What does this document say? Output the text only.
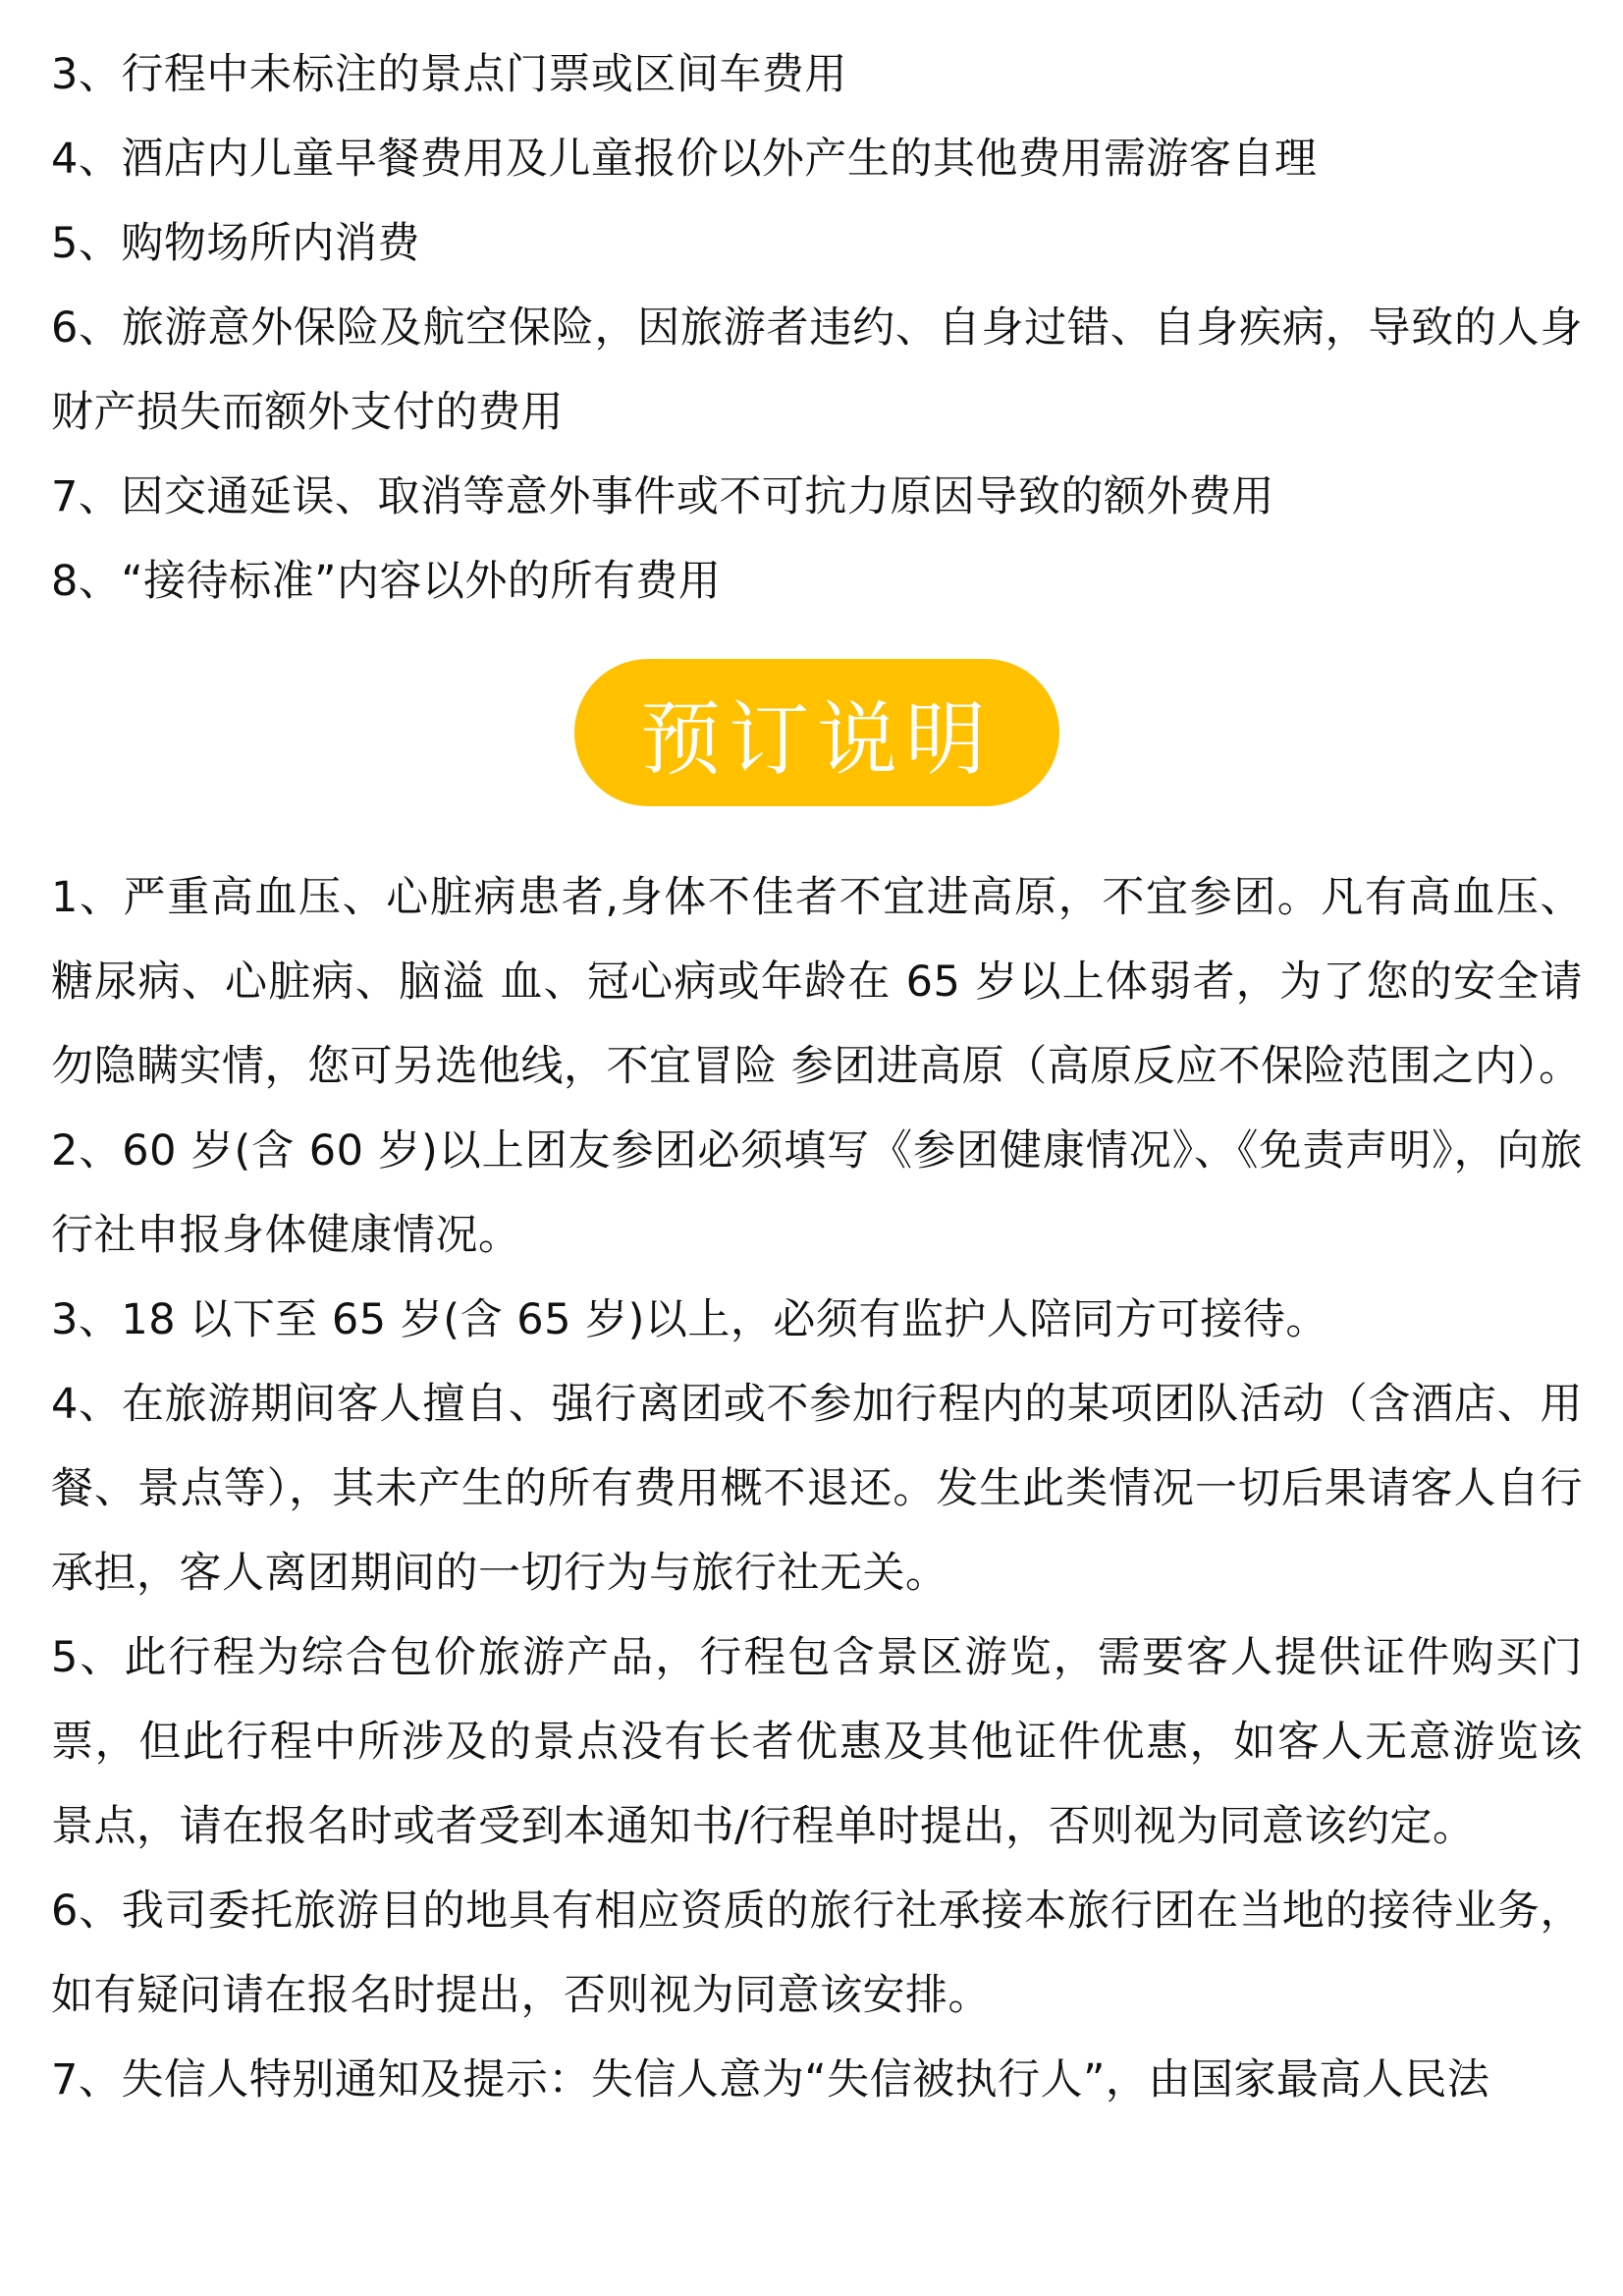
3、行程中未标注的景点门票或区间车费用
4、酒店内儿童早餐费用及儿童报价以外产生的其他费用需游客自理
5、购物场所内消费
6、旅游意外保险及航空保险，因旅游者违约、自身过错、自身疾病，导致的人身财产损失而额外支付的费用
7、因交通延误、取消等意外事件或不可抗力原因导致的额外费用
8、“接待标准”内容以外的所有费用
预订说明
1、严重高血压、心脏病患者,身体不佳者不宜进高原，不宜参团。凡有高血压、糖尿病、心脏病、脑溢 血、冠心病或年龄在 65 岁以上体弱者，为了您的安全请勿隐瞒实情，您可另选他线，不宜冒险 参团进高原（高原反应不保险范围之内）。
2、60 岁(含 60 岁)以上团友参团必须填写《参团健康情况》、《免责声明》，向旅行社申报身体健康情况。
3、18 以下至 65 岁(含 65 岁)以上，必须有监护人陪同方可接待。
4、在旅游期间客人擅自、强行离团或不参加行程内的某项团队活动（含酒店、用餐、景点等），其未产生的所有费用概不退还。发生此类情况一切后果请客人自行承担，客人离团期间的一切行为与旅行社无关。
5、此行程为综合包价旅游产品，行程包含景区游览，需要客人提供证件购买门票，但此行程中所涉及的景点没有长者优惠及其他证件优惠，如客人无意游览该景点，请在报名时或者受到本通知书/行程单时提出，否则视为同意该约定。
6、我司委托旅游目的地具有相应资质的旅行社承接本旅行团在当地的接待业务，如有疑问请在报名时提出，否则视为同意该安排。
7、失信人特别通知及提示：失信人意为“失信被执行人”，由国家最高人民法
